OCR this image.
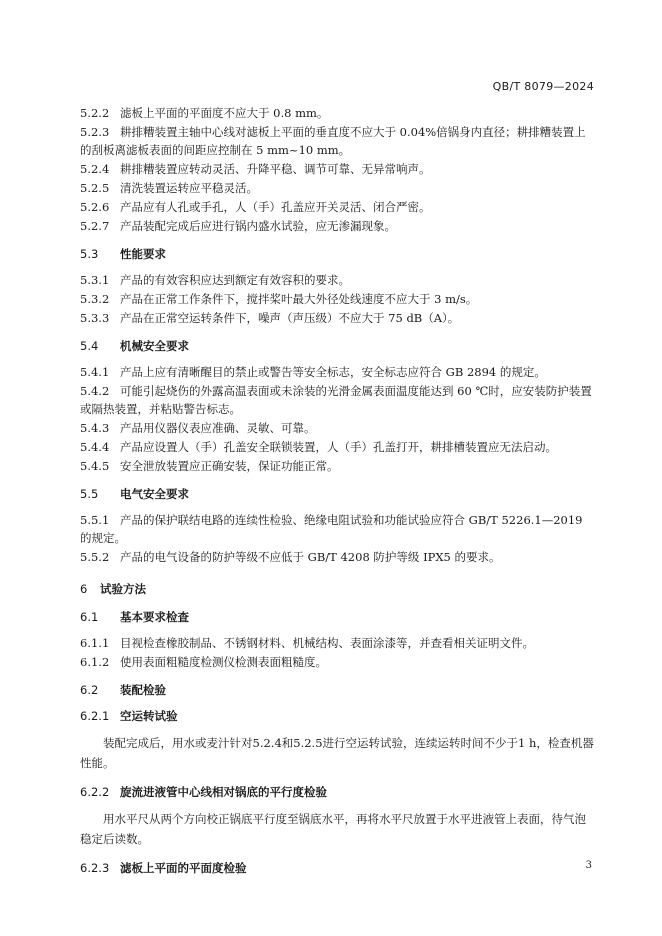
QB/T 8079—2024
5.2.2 滤板上平面的平面度不应大于 0.8 mm。
5.2.3 耕排糟装置主轴中心线对滤板上平面的垂直度不应大于 0.04%倍锅身内直径；耕排糟装置上的刮板离滤板表面的间距应控制在 5 mm~10 mm。
5.2.4 耕排糟装置应转动灵活、升降平稳、调节可靠、无异常响声。
5.2.5 清洗装置运转应平稳灵活。
5.2.6 产品应有人孔或手孔，人（手）孔盖应开关灵活、闭合严密。
5.2.7 产品装配完成后应进行锅内盛水试验，应无渗漏现象。
5.3 性能要求
5.3.1 产品的有效容积应达到额定有效容积的要求。
5.3.2 产品在正常工作条件下，搅拌桨叶最大外径处线速度不应大于 3 m/s。
5.3.3 产品在正常空运转条件下，噪声（声压级）不应大于 75 dB（A）。
5.4 机械安全要求
5.4.1 产品上应有清晰醒目的禁止或警告等安全标志，安全标志应符合 GB 2894 的规定。
5.4.2 可能引起烧伤的外露高温表面或未涂装的光滑金属表面温度能达到 60 ℃时，应安装防护装置或隔热装置，并粘贴警告标志。
5.4.3 产品用仪器仪表应准确、灵敏、可靠。
5.4.4 产品应设置人（手）孔盖安全联锁装置，人（手）孔盖打开，耕排槽装置应无法启动。
5.4.5 安全泄放装置应正确安装，保证功能正常。
5.5 电气安全要求
5.5.1 产品的保护联结电路的连续性检验、绝缘电阻试验和功能试验应符合 GB/T 5226.1—2019 的规定。
5.5.2 产品的电气设备的防护等级不应低于 GB/T 4208 防护等级 IPX5 的要求。
6 试验方法
6.1 基本要求检查
6.1.1 目视检查橡胶制品、不锈钢材料、机械结构、表面涂漆等，并查看相关证明文件。
6.1.2 使用表面粗糙度检测仪检测表面粗糙度。
6.2 装配检验
6.2.1 空运转试验
装配完成后，用水或麦汁针对5.2.4和5.2.5进行空运转试验，连续运转时间不少于1 h，检查机器性能。
6.2.2 旋流进液管中心线相对锅底的平行度检验
用水平尺从两个方向校正锅底平行度至锅底水平，再将水平尺放置于水平进液管上表面，待气泡稳定后读数。
6.2.3 滤板上平面的平面度检验	3
